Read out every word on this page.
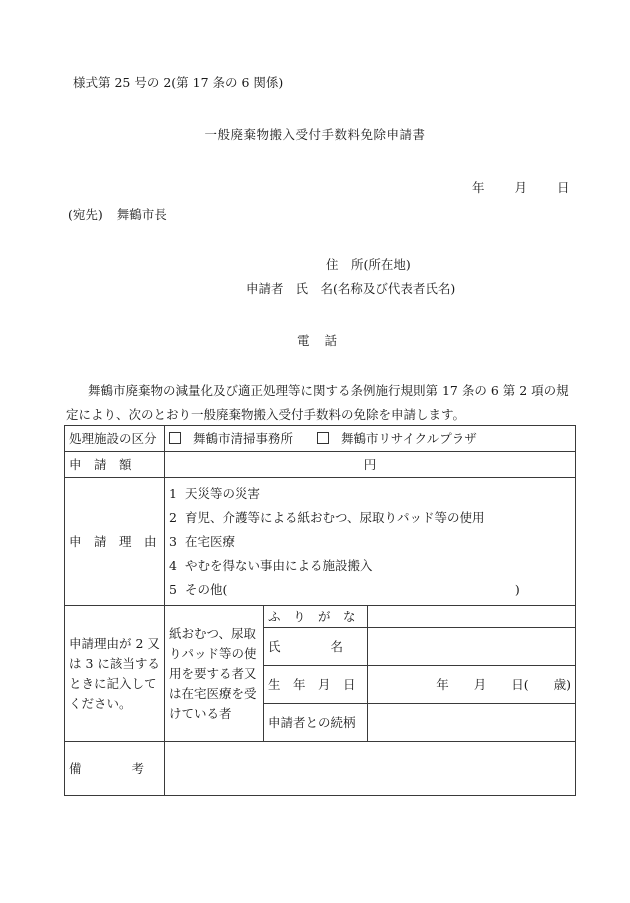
様式第 25 号の 2(第 17 条の 6 関係)
一般廃棄物搬入受付手数料免除申請書
年 月 日
(宛先) 舞鶴市長
住　所(所在地)
申請者 氏　名(名称及び代表者氏名)
電話
舞鶴市廃棄物の減量化及び適正処理等に関する条例施行規則第 17 条の 6 第 2 項の規定により、次のとおり一般廃棄物搬入受付手数料の免除を申請します。
処理施設の区分	舞鶴市清掃事務所 舞鶴市リサイクルプラザ		
申　請　額	円		
申　請　理　由	1 天災等の災害
2 育児、介護等による紙おむつ、尿取りパッド等の使用
3 在宅医療
4 やむを得ない事由による施設搬入
5 その他(　　　　　　　　　　　　　　　　　　　　　　　)		

申請理由が 2 又は 3 に該当するときに記入してください。	紙おむつ、尿取りパッド等の使用を要する者又は在宅医療を受けている者	ふ　り　が　な	
		氏　　　　名	
		生　年　月　日	年　　月　　日(　　歳)
		申請者との続柄	
備　　　　考			
